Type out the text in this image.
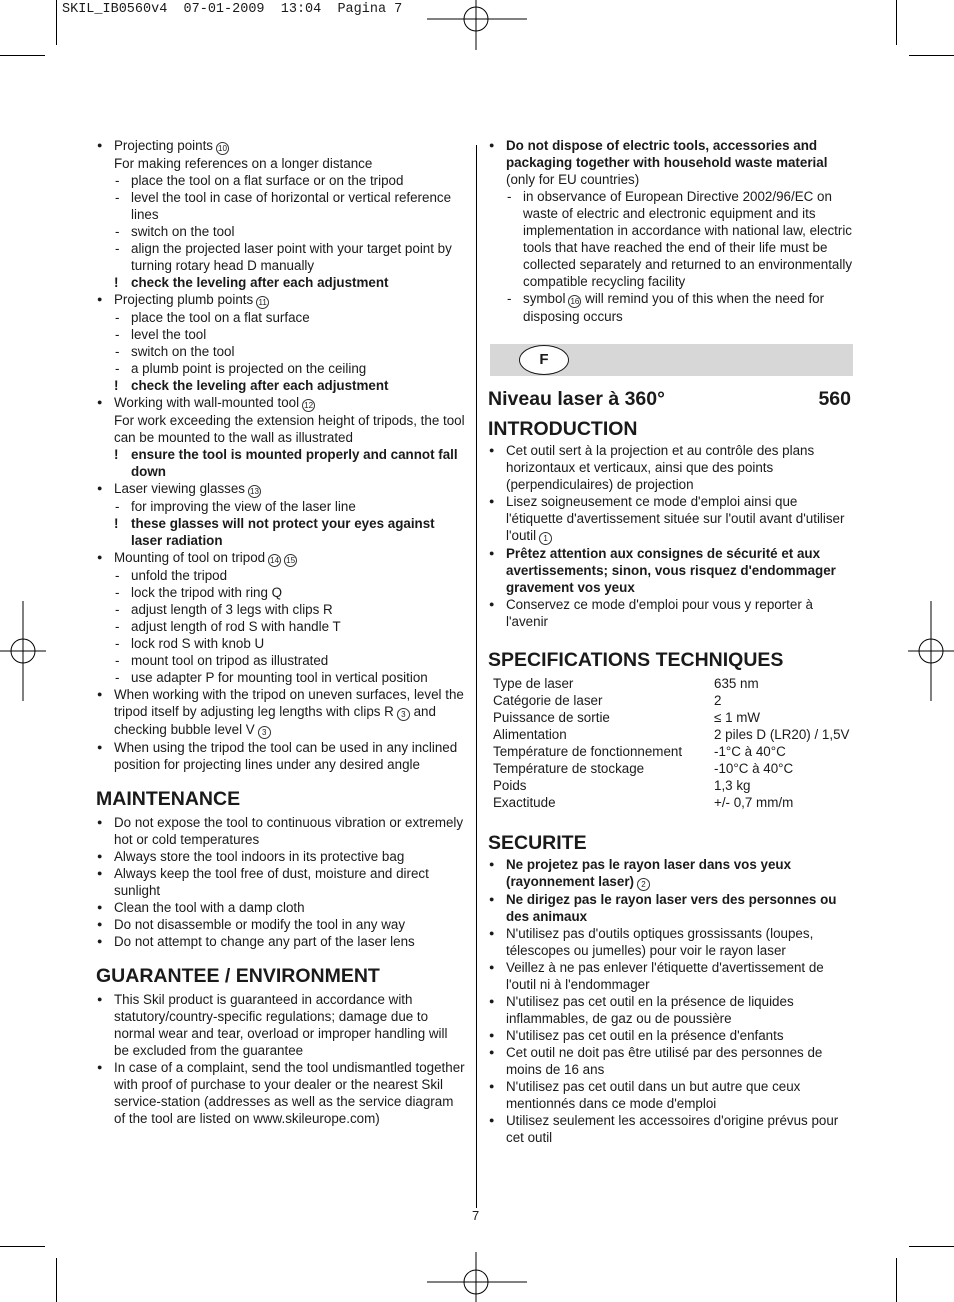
SKIL_IB0560v4  07-01-2009  13:04  Pagina 7
● Projecting points 10
For making references on a longer distance
- place the tool on a flat surface or on the tripod
- level the tool in case of horizontal or vertical reference lines
- switch on the tool
- align the projected laser point with your target point by turning rotary head D manually
! check the leveling after each adjustment
● Projecting plumb points 11
- place the tool on a flat surface
- level the tool
- switch on the tool
- a plumb point is projected on the ceiling
! check the leveling after each adjustment
● Working with wall-mounted tool 12
For work exceeding the extension height of tripods, the tool can be mounted to the wall as illustrated
! ensure the tool is mounted properly and cannot fall down
● Laser viewing glasses 13
- for improving the view of the laser line
! these glasses will not protect your eyes against laser radiation
● Mounting of tool on tripod 14 15
- unfold the tripod
- lock the tripod with ring Q
- adjust length of 3 legs with clips R
- adjust length of rod S with handle T
- lock rod S with knob U
- mount tool on tripod as illustrated
- use adapter P for mounting tool in vertical position
● When working with the tripod on uneven surfaces, level the tripod itself by adjusting leg lengths with clips R 3 and checking bubble level V 3
● When using the tripod the tool can be used in any inclined position for projecting lines under any desired angle
MAINTENANCE
● Do not expose the tool to continuous vibration or extremely hot or cold temperatures
● Always store the tool indoors in its protective bag
● Always keep the tool free of dust, moisture and direct sunlight
● Clean the tool with a damp cloth
● Do not disassemble or modify the tool in any way
● Do not attempt to change any part of the laser lens
GUARANTEE / ENVIRONMENT
● This Skil product is guaranteed in accordance with statutory/country-specific regulations; damage due to normal wear and tear, overload or improper handling will be excluded from the guarantee
● In case of a complaint, send the tool undismantled together with proof of purchase to your dealer or the nearest Skil service-station (addresses as well as the service diagram of the tool are listed on www.skileurope.com)
● Do not dispose of electric tools, accessories and packaging together with household waste material (only for EU countries)
- in observance of European Directive 2002/96/EC on waste of electric and electronic equipment and its implementation in accordance with national law, electric tools that have reached the end of their life must be collected separately and returned to an environmentally compatible recycling facility
- symbol 16 will remind you of this when the need for disposing occurs
F
Niveau laser à 360°	560
INTRODUCTION
● Cet outil sert à la projection et au contrôle des plans horizontaux et verticaux, ainsi que des points (perpendiculaires) de projection
● Lisez soigneusement ce mode d'emploi ainsi que l'étiquette d'avertissement située sur l'outil avant d'utiliser l'outil 1
● Prêtez attention aux consignes de sécurité et aux avertissements; sinon, vous risquez d'endommager gravement vos yeux
● Conservez ce mode d'emploi pour vous y reporter à l'avenir
SPECIFICATIONS TECHNIQUES
Type de laser	635 nm
Catégorie de laser	2
Puissance de sortie	≤ 1 mW
Alimentation	2 piles D (LR20) / 1,5V
Température de fonctionnement	-1°C à 40°C
Température de stockage	-10°C à 40°C
Poids	1,3 kg
Exactitude	+/- 0,7 mm/m
SECURITE
● Ne projetez pas le rayon laser dans vos yeux (rayonnement laser) 2
● Ne dirigez pas le rayon laser vers des personnes ou des animaux
● N'utilisez pas d'outils optiques grossissants (loupes, télescopes ou jumelles) pour voir le rayon laser
● Veillez à ne pas enlever l'étiquette d'avertissement de l'outil ni à l'endommager
● N'utilisez pas cet outil en la présence de liquides inflammables, de gaz ou de poussière
● N'utilisez pas cet outil en la présence d'enfants
● Cet outil ne doit pas être utilisé par des personnes de moins de 16 ans
● N'utilisez pas cet outil dans un but autre que ceux mentionnés dans ce mode d'emploi
● Utilisez seulement les accessoires d'origine prévus pour cet outil
7
